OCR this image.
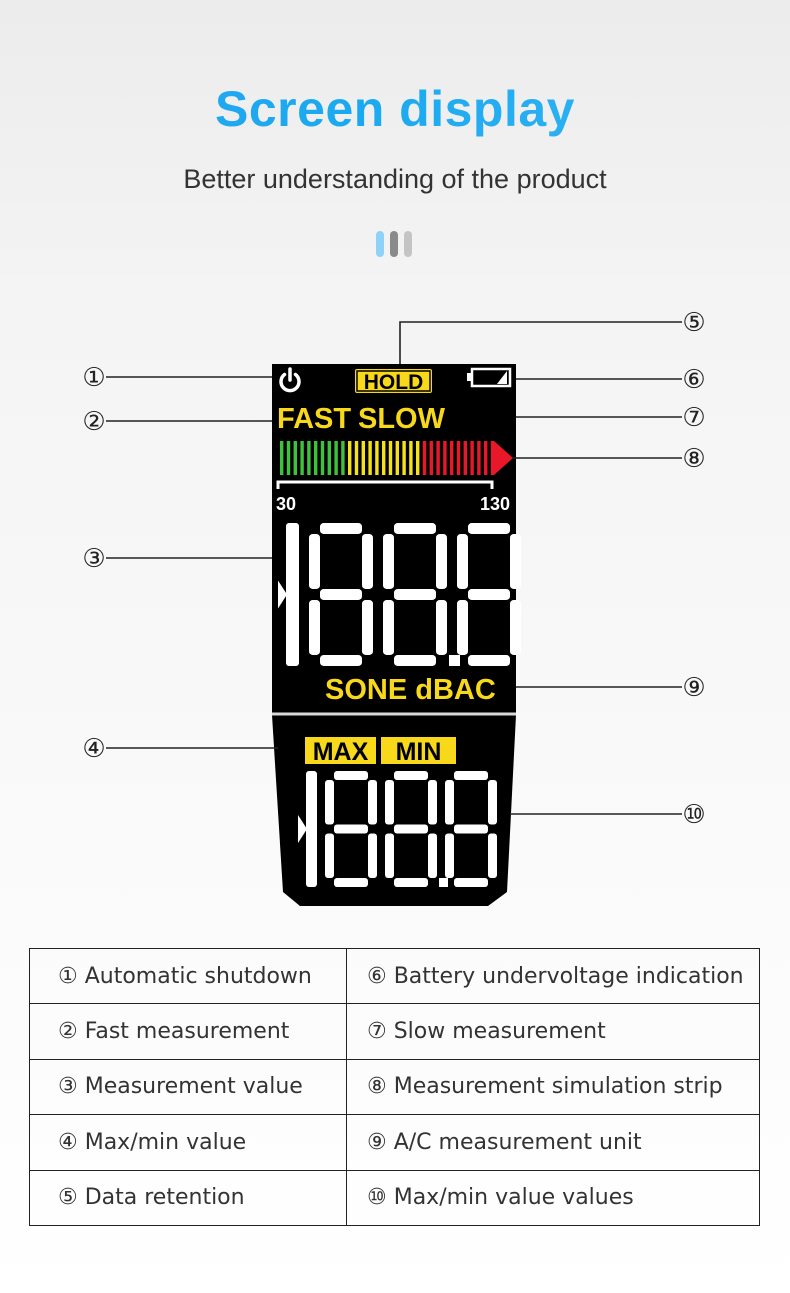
Screen display
Better understanding of the product
HOLD
FAST SLOW
30	130
SONE dBAC
MAX MIN
①
②
③
④
⑤
⑥
⑦
⑧
⑨
⑩
① Automatic shutdown	⑥ Battery undervoltage indication
② Fast measurement	⑦ Slow measurement
③ Measurement value	⑧ Measurement simulation strip
④ Max/min value	⑨ A/C measurement unit
⑤ Data retention	⑩ Max/min value values
